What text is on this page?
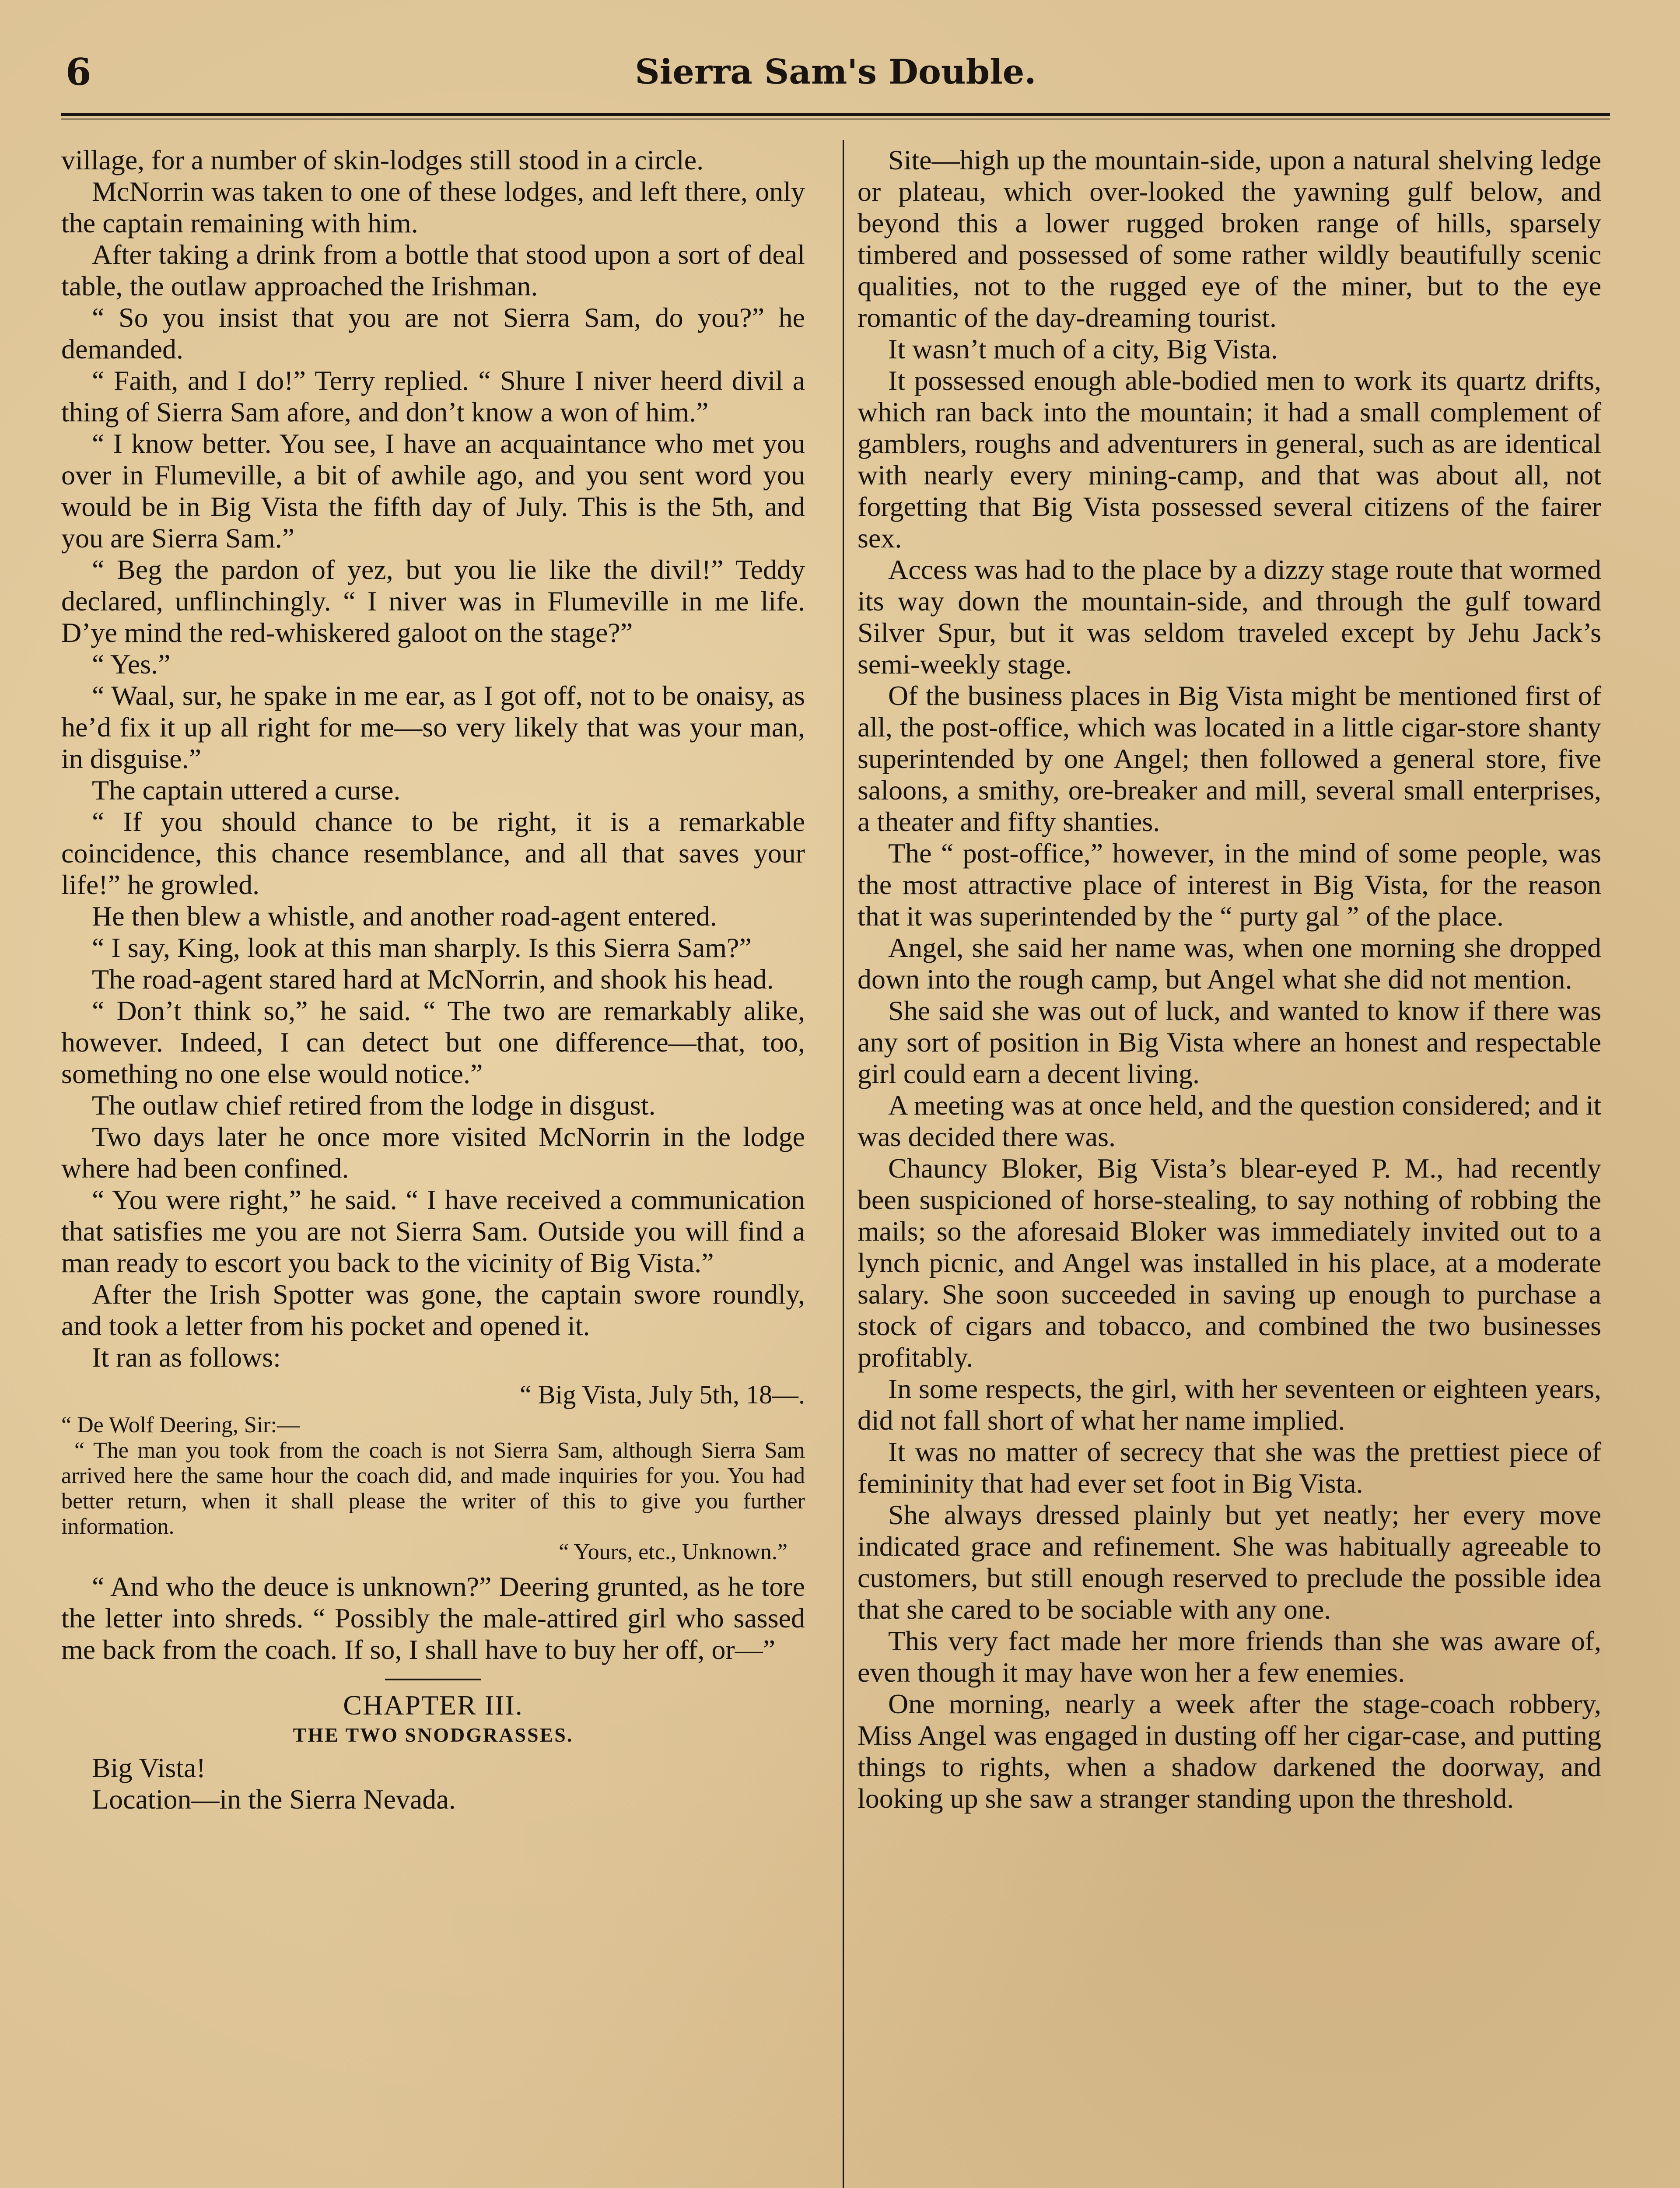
6	Sierra Sam's Double.

village, for a number of skin-lodges still stood in a circle.

McNorrin was taken to one of these lodges, and left there, only the captain remaining with him.

After taking a drink from a bottle that stood upon a sort of deal table, the outlaw approached the Irishman.

“ So you insist that you are not Sierra Sam, do you?” he demanded.

“ Faith, and I do!” Terry replied. “ Shure I niver heerd divil a thing of Sierra Sam afore, and don’t know a won of him.”

“ I know better. You see, I have an acquaintance who met you over in Flumeville, a bit of awhile ago, and you sent word you would be in Big Vista the fifth day of July. This is the 5th, and you are Sierra Sam.”

“ Beg the pardon of yez, but you lie like the divil!” Teddy declared, unflinchingly. “ I niver was in Flumeville in me life. D’ye mind the red-whiskered galoot on the stage?”

“ Yes.”

“ Waal, sur, he spake in me ear, as I got off, not to be onaisy, as he’d fix it up all right for me—so very likely that was your man, in disguise.”

The captain uttered a curse.

“ If you should chance to be right, it is a remarkable coincidence, this chance resemblance, and all that saves your life!” he growled.

He then blew a whistle, and another road-agent entered.

“ I say, King, look at this man sharply. Is this Sierra Sam?”

The road-agent stared hard at McNorrin, and shook his head.

“ Don’t think so,” he said. “ The two are remarkably alike, however. Indeed, I can detect but one difference—that, too, something no one else would notice.”

The outlaw chief retired from the lodge in disgust.

Two days later he once more visited McNorrin in the lodge where had been confined.

“ You were right,” he said. “ I have received a communication that satisfies me you are not Sierra Sam. Outside you will find a man ready to escort you back to the vicinity of Big Vista.”

After the Irish Spotter was gone, the captain swore roundly, and took a letter from his pocket and opened it.

It ran as follows:

“ Big Vista, July 5th, 18—.

“ De Wolf Deering, Sir:—

“ The man you took from the coach is not Sierra Sam, although Sierra Sam arrived here the same hour the coach did, and made inquiries for you. You had better return, when it shall please the writer of this to give you further information.

“ Yours, etc., Unknown.”

“ And who the deuce is unknown?” Deering grunted, as he tore the letter into shreds. “ Possibly the male-attired girl who sassed me back from the coach. If so, I shall have to buy her off, or—”

CHAPTER III.
THE TWO SNODGRASSES.

Big Vista!

Location—in the Sierra Nevada.

Site—high up the mountain-side, upon a natural shelving ledge or plateau, which over-looked the yawning gulf below, and beyond this a lower rugged broken range of hills, sparsely timbered and possessed of some rather wildly beautifully scenic qualities, not to the rugged eye of the miner, but to the eye romantic of the day-dreaming tourist.

It wasn’t much of a city, Big Vista.

It possessed enough able-bodied men to work its quartz drifts, which ran back into the mountain; it had a small complement of gamblers, roughs and adventurers in general, such as are identical with nearly every mining-camp, and that was about all, not forgetting that Big Vista possessed several citizens of the fairer sex.

Access was had to the place by a dizzy stage route that wormed its way down the mountain-side, and through the gulf toward Silver Spur, but it was seldom traveled except by Jehu Jack’s semi-weekly stage.

Of the business places in Big Vista might be mentioned first of all, the post-office, which was located in a little cigar-store shanty superintended by one Angel; then followed a general store, five saloons, a smithy, ore-breaker and mill, several small enterprises, a theater and fifty shanties.

The “ post-office,” however, in the mind of some people, was the most attractive place of interest in Big Vista, for the reason that it was superintended by the “ purty gal ” of the place.

Angel, she said her name was, when one morning she dropped down into the rough camp, but Angel what she did not mention.

She said she was out of luck, and wanted to know if there was any sort of position in Big Vista where an honest and respectable girl could earn a decent living.

A meeting was at once held, and the question considered; and it was decided there was.

Chauncy Bloker, Big Vista’s blear-eyed P. M., had recently been suspicioned of horse-stealing, to say nothing of robbing the mails; so the aforesaid Bloker was immediately invited out to a lynch picnic, and Angel was installed in his place, at a moderate salary. She soon succeeded in saving up enough to purchase a stock of cigars and tobacco, and combined the two businesses profitably.

In some respects, the girl, with her seventeen or eighteen years, did not fall short of what her name implied.

It was no matter of secrecy that she was the prettiest piece of femininity that had ever set foot in Big Vista.

She always dressed plainly but yet neatly; her every move indicated grace and refinement. She was habitually agreeable to customers, but still enough reserved to preclude the possible idea that she cared to be sociable with any one.

This very fact made her more friends than she was aware of, even though it may have won her a few enemies.

One morning, nearly a week after the stage-coach robbery, Miss Angel was engaged in dusting off her cigar-case, and putting things to rights, when a shadow darkened the doorway, and looking up she saw a stranger standing upon the threshold.
